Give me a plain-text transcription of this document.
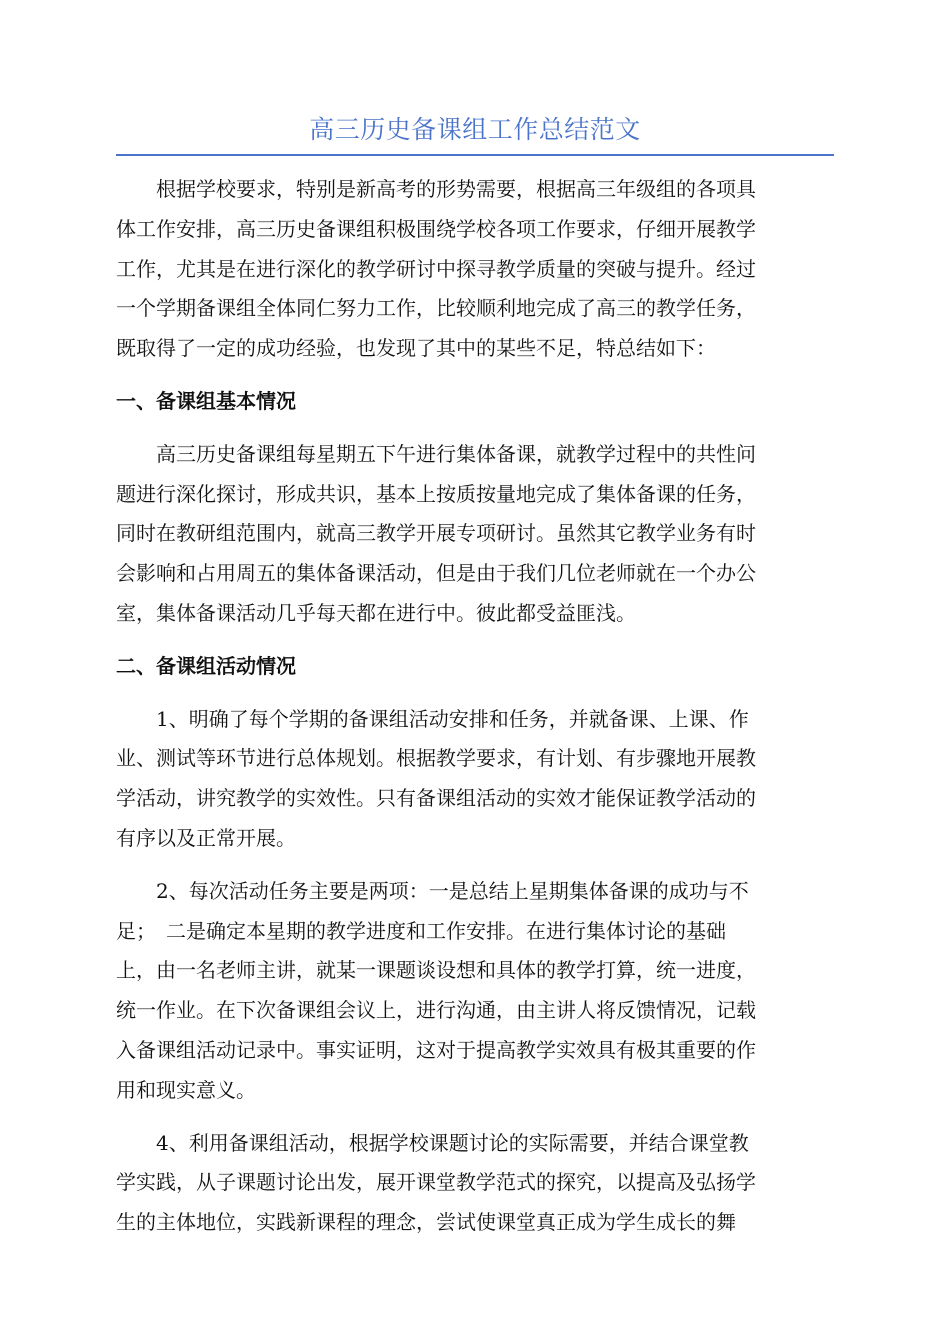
高三历史备课组工作总结范文
　　根据学校要求，特别是新高考的形势需要，根据高三年级组的各项具
体工作安排，高三历史备课组积极围绕学校各项工作要求，仔细开展教学
工作，尤其是在进行深化的教学研讨中探寻教学质量的突破与提升。经过
一个学期备课组全体同仁努力工作，比较顺利地完成了高三的教学任务，
既取得了一定的成功经验，也发现了其中的某些不足，特总结如下：
一、备课组基本情况
　　高三历史备课组每星期五下午进行集体备课，就教学过程中的共性问
题进行深化探讨，形成共识，基本上按质按量地完成了集体备课的任务，
同时在教研组范围内，就高三教学开展专项研讨。虽然其它教学业务有时
会影响和占用周五的集体备课活动，但是由于我们几位老师就在一个办公
室，集体备课活动几乎每天都在进行中。彼此都受益匪浅。
二、备课组活动情况
　　1、明确了每个学期的备课组活动安排和任务，并就备课、上课、作
业、测试等环节进行总体规划。根据教学要求，有计划、有步骤地开展教
学活动，讲究教学的实效性。只有备课组活动的实效才能保证教学活动的
有序以及正常开展。
　　2、每次活动任务主要是两项：一是总结上星期集体备课的成功与不
足；　二是确定本星期的教学进度和工作安排。在进行集体讨论的基础
上，由一名老师主讲，就某一课题谈设想和具体的教学打算，统一进度，
统一作业。在下次备课组会议上，进行沟通，由主讲人将反馈情况，记载
入备课组活动记录中。事实证明，这对于提高教学实效具有极其重要的作
用和现实意义。
　　4、利用备课组活动，根据学校课题讨论的实际需要，并结合课堂教
学实践，从子课题讨论出发，展开课堂教学范式的探究，以提高及弘扬学
生的主体地位，实践新课程的理念，尝试使课堂真正成为学生成长的舞
